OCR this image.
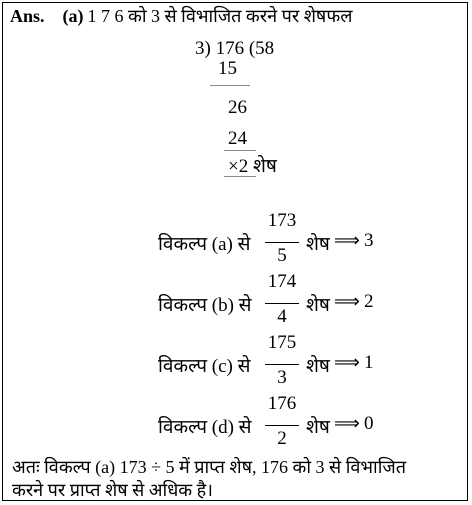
Ans. (a) 1 7 6 को 3 से विभाजित करने पर शेषफल
3) 176 (58
15
26
24
×2 शेष
विकल्प (a) से
173
5
शेष ⟹ 3
विकल्प (b) से
174
4
शेष ⟹ 2
विकल्प (c) से
175
3
शेष ⟹ 1
विकल्प (d) से
176
2
शेष ⟹ 0
अतः विकल्प (a) 173 ÷ 5 में प्राप्त शेष, 176 को 3 से विभाजित
करने पर प्राप्त शेष से अधिक है।
